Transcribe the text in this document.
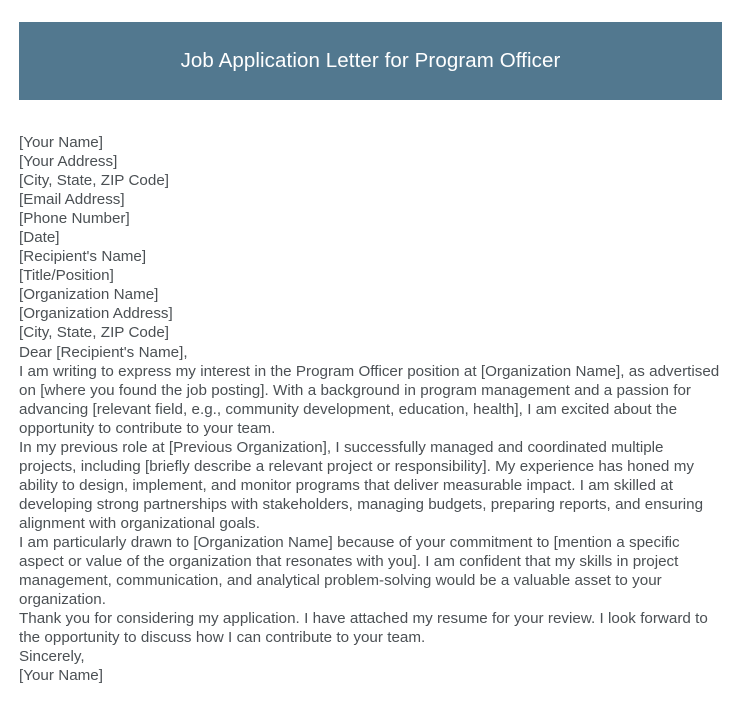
Job Application Letter for Program Officer

[Your Name]

[Your Address]

[City, State, ZIP Code]

[Email Address]

[Phone Number]

[Date]

[Recipient's Name]

[Title/Position]

[Organization Name]

[Organization Address]

[City, State, ZIP Code]

Dear [Recipient's Name],

I am writing to express my interest in the Program Officer position at [Organization Name], as advertised on [where you found the job posting]. With a background in program management and a passion for advancing [relevant field, e.g., community development, education, health], I am excited about the opportunity to contribute to your team.

In my previous role at [Previous Organization], I successfully managed and coordinated multiple projects, including [briefly describe a relevant project or responsibility]. My experience has honed my ability to design, implement, and monitor programs that deliver measurable impact. I am skilled at developing strong partnerships with stakeholders, managing budgets, preparing reports, and ensuring alignment with organizational goals.

I am particularly drawn to [Organization Name] because of your commitment to [mention a specific aspect or value of the organization that resonates with you]. I am confident that my skills in project management, communication, and analytical problem-solving would be a valuable asset to your organization.

Thank you for considering my application. I have attached my resume for your review. I look forward to the opportunity to discuss how I can contribute to your team.

Sincerely,

[Your Name]
